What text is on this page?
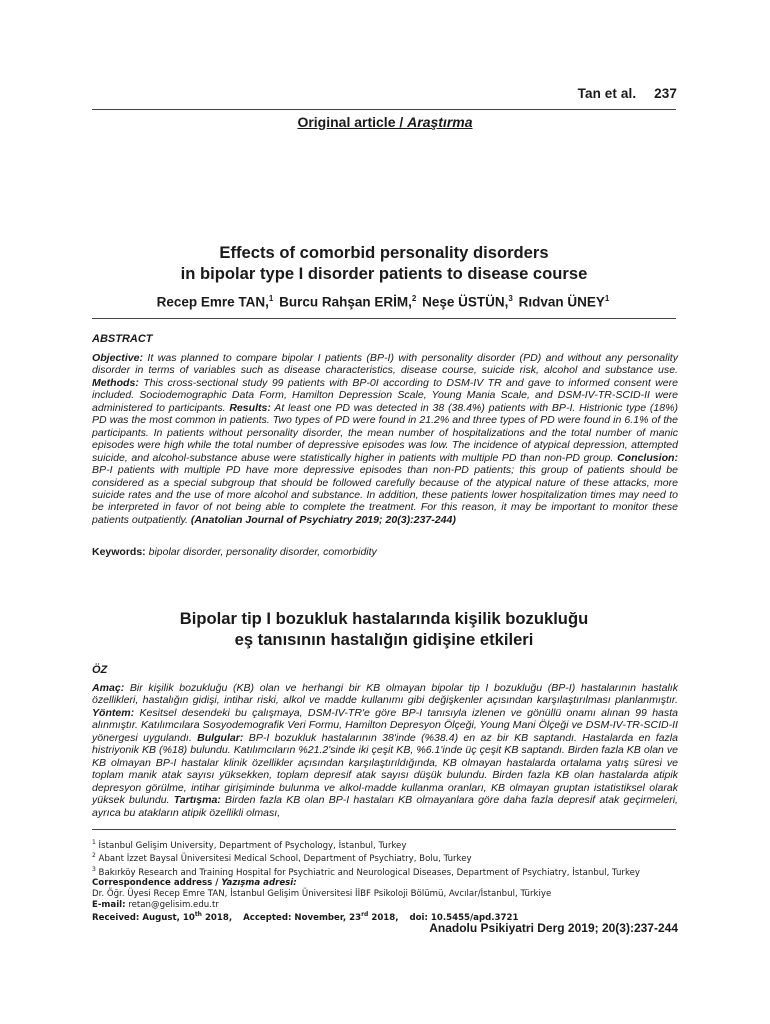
Tan et al. 237
Original article / Araştırma
Effects of comorbid personality disorders
in bipolar type I disorder patients to disease course
Recep Emre TAN,$^1$ Burcu Rahşan ERİM,$^2$ Neşe ÜSTÜN,$^3$ Rıdvan ÜNEY$^1$
ABSTRACT
Objective: It was planned to compare bipolar I patients (BP-I) with personality disorder (PD) and without any personality disorder in terms of variables such as disease characteristics, disease course, suicide risk, alcohol and substance use. Methods: This cross-sectional study 99 patients with BP-0I according to DSM-IV TR and gave to informed consent were included. Sociodemographic Data Form, Hamilton Depression Scale, Young Mania Scale, and DSM-IV-TR-SCID-II were administered to participants. Results: At least one PD was detected in 38 (38.4%) patients with BP-I. Histrionic type (18%) PD was the most common in patients. Two types of PD were found in 21.2% and three types of PD were found in 6.1% of the participants. In patients without personality disorder, the mean number of hospitalizations and the total number of manic episodes were high while the total number of depressive episodes was low. The incidence of atypical depression, attempted suicide, and alcohol-substance abuse were statistically higher in patients with multiple PD than non-PD group. Conclusion: BP-I patients with multiple PD have more depressive episodes than non-PD patients; this group of patients should be considered as a special subgroup that should be followed carefully because of the atypical nature of these attacks, more suicide rates and the use of more alcohol and substance. In addition, these patients lower hospitalization times may need to be interpreted in favor of not being able to complete the treatment. For this reason, it may be important to monitor these patients outpatiently. (Anatolian Journal of Psychiatry 2019; 20(3):237-244)
Keywords: bipolar disorder, personality disorder, comorbidity
Bipolar tip I bozukluk hastalarında kişilik bozukluğu
eş tanısının hastalığın gidişine etkileri
ÖZ
Amaç: Bir kişilik bozukluğu (KB) olan ve herhangi bir KB olmayan bipolar tip I bozukluğu (BP-I) hastalarının hastalık özellikleri, hastalığın gidişi, intihar riski, alkol ve madde kullanımı gibi değişkenler açısından karşılaştırılması planlanmıştır. Yöntem: Kesitsel desendeki bu çalışmaya, DSM-IV-TR'e göre BP-I tanısıyla izlenen ve gönüllü onamı alınan 99 hasta alınmıştır. Katılımcılara Sosyodemografik Veri Formu, Hamilton Depresyon Ölçeği, Young Mani Ölçeği ve DSM-IV-TR-SCID-II yönergesi uygulandı. Bulgular: BP-I bozukluk hastalarının 38'inde (%38.4) en az bir KB saptandı. Hastalarda en fazla histriyonik KB (%18) bulundu. Katılımcıların %21.2'sinde iki çeşit KB, %6.1'inde üç çeşit KB saptandı. Birden fazla KB olan ve KB olmayan BP-I hastalar klinik özellikler açısından karşılaştırıldığında, KB olmayan hastalarda ortalama yatış süresi ve toplam manik atak sayısı yüksekken, toplam depresif atak sayısı düşük bulundu. Birden fazla KB olan hastalarda atipik depresyon görülme, intihar girişiminde bulunma ve alkol-madde kullanma oranları, KB olmayan gruptan istatistiksel olarak yüksek bulundu. Tartışma: Birden fazla KB olan BP-I hastaları KB olmayanlara göre daha fazla depresif atak geçirmeleri, ayrıca bu atakların atipik özellikli olması,
$^1$ İstanbul Gelişim University, Department of Psychology, İstanbul, Turkey
$^2$ Abant İzzet Baysal Üniversitesi Medical School, Department of Psychiatry, Bolu, Turkey
$^3$ Bakırköy Research and Training Hospital for Psychiatric and Neurological Diseases, Department of Psychiatry, İstanbul, Turkey
Correspondence address / Yazışma adresi:
Dr. Öğr. Üyesi Recep Emre TAN, İstanbul Gelişim Üniversitesi İİBF Psikoloji Bölümü, Avcılar/İstanbul, Türkiye
E-mail: retan@gelisim.edu.tr
Received: August, 10th 2018, Accepted: November, 23rd 2018, doi: 10.5455/apd.3721
Anadolu Psikiyatri Derg 2019; 20(3):237-244
